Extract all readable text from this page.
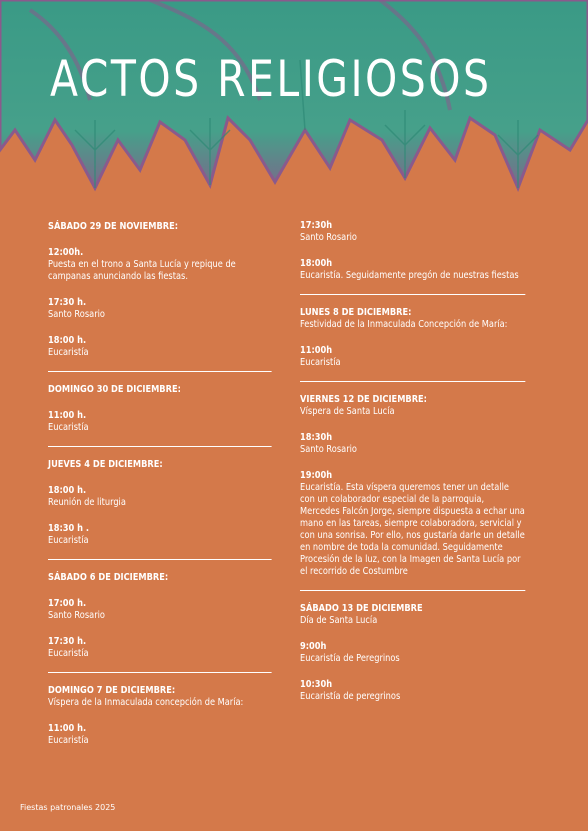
ACTOS RELIGIOSOS
SÁBADO 29 DE NOVIEMBRE:
12:00h.
Puesta en el trono a Santa Lucía y repique de campanas anunciando las fiestas.
17:30 h.
Santo Rosario
18:00 h.
Eucaristía
DOMINGO 30 DE DICIEMBRE:
11:00 h.
Eucaristía
JUEVES 4 DE DICIEMBRE:
18:00 h.
Reunión de liturgia
18:30 h .
Eucaristía
SÁBADO 6 DE DICIEMBRE:
17:00 h.
Santo Rosario
17:30 h.
Eucaristía
DOMINGO 7 DE DICIEMBRE:
Víspera de la Inmaculada concepción de María:
11:00 h.
Eucaristía
17:30h
Santo Rosario
18:00h
Eucaristía. Seguidamente pregón de nuestras fiestas
LUNES 8 DE DICIEMBRE:
Festividad de la Inmaculada Concepción de María:
11:00h
Eucaristía
VIERNES 12 DE DICIEMBRE:
Víspera de Santa Lucía
18:30h
Santo Rosario
19:00h
Eucaristía. Esta víspera queremos tener un detalle con un colaborador especial de la parroquia, Mercedes Falcón Jorge, siempre dispuesta a echar una mano en las tareas, siempre colaboradora, servicial y con una sonrisa. Por ello, nos gustaría darle un detalle en nombre de toda la comunidad. Seguidamente Procesión de la luz, con la Imagen de Santa Lucía por el recorrido de Costumbre
SÁBADO 13 DE DICIEMBRE
Día de Santa Lucía
9:00h
Eucaristía de Peregrinos
10:30h
Eucaristía de peregrinos
Fiestas patronales 2025
